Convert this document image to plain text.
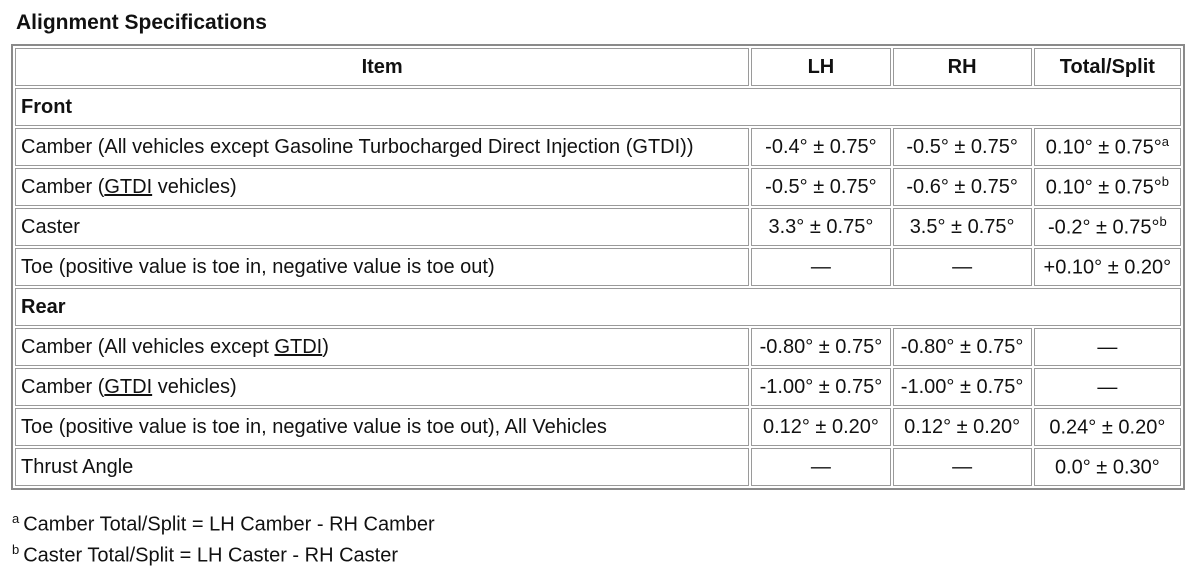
Alignment Specifications
Item	LH	RH	Total/Split
Front			
Camber (All vehicles except Gasoline Turbocharged Direct Injection (GTDI))	-0.4° ± 0.75°	-0.5° ± 0.75°	0.10° ± 0.75°$^a$
Camber (GTDI vehicles)	-0.5° ± 0.75°	-0.6° ± 0.75°	0.10° ± 0.75°$^b$
Caster	3.3° ± 0.75°	3.5° ± 0.75°	-0.2° ± 0.75°$^b$
Toe (positive value is toe in, negative value is toe out)	—	—	+0.10° ± 0.20°
Rear			
Camber (All vehicles except GTDI)	-0.80° ± 0.75°	-0.80° ± 0.75°	—
Camber (GTDI vehicles)	-1.00° ± 0.75°	-1.00° ± 0.75°	—
Toe (positive value is toe in, negative value is toe out), All Vehicles	0.12° ± 0.20°	0.12° ± 0.20°	0.24° ± 0.20°
Thrust Angle	—	—	0.0° ± 0.30°
$^a$ Camber Total/Split = LH Camber - RH Camber
$^b$ Caster Total/Split = LH Caster - RH Caster
